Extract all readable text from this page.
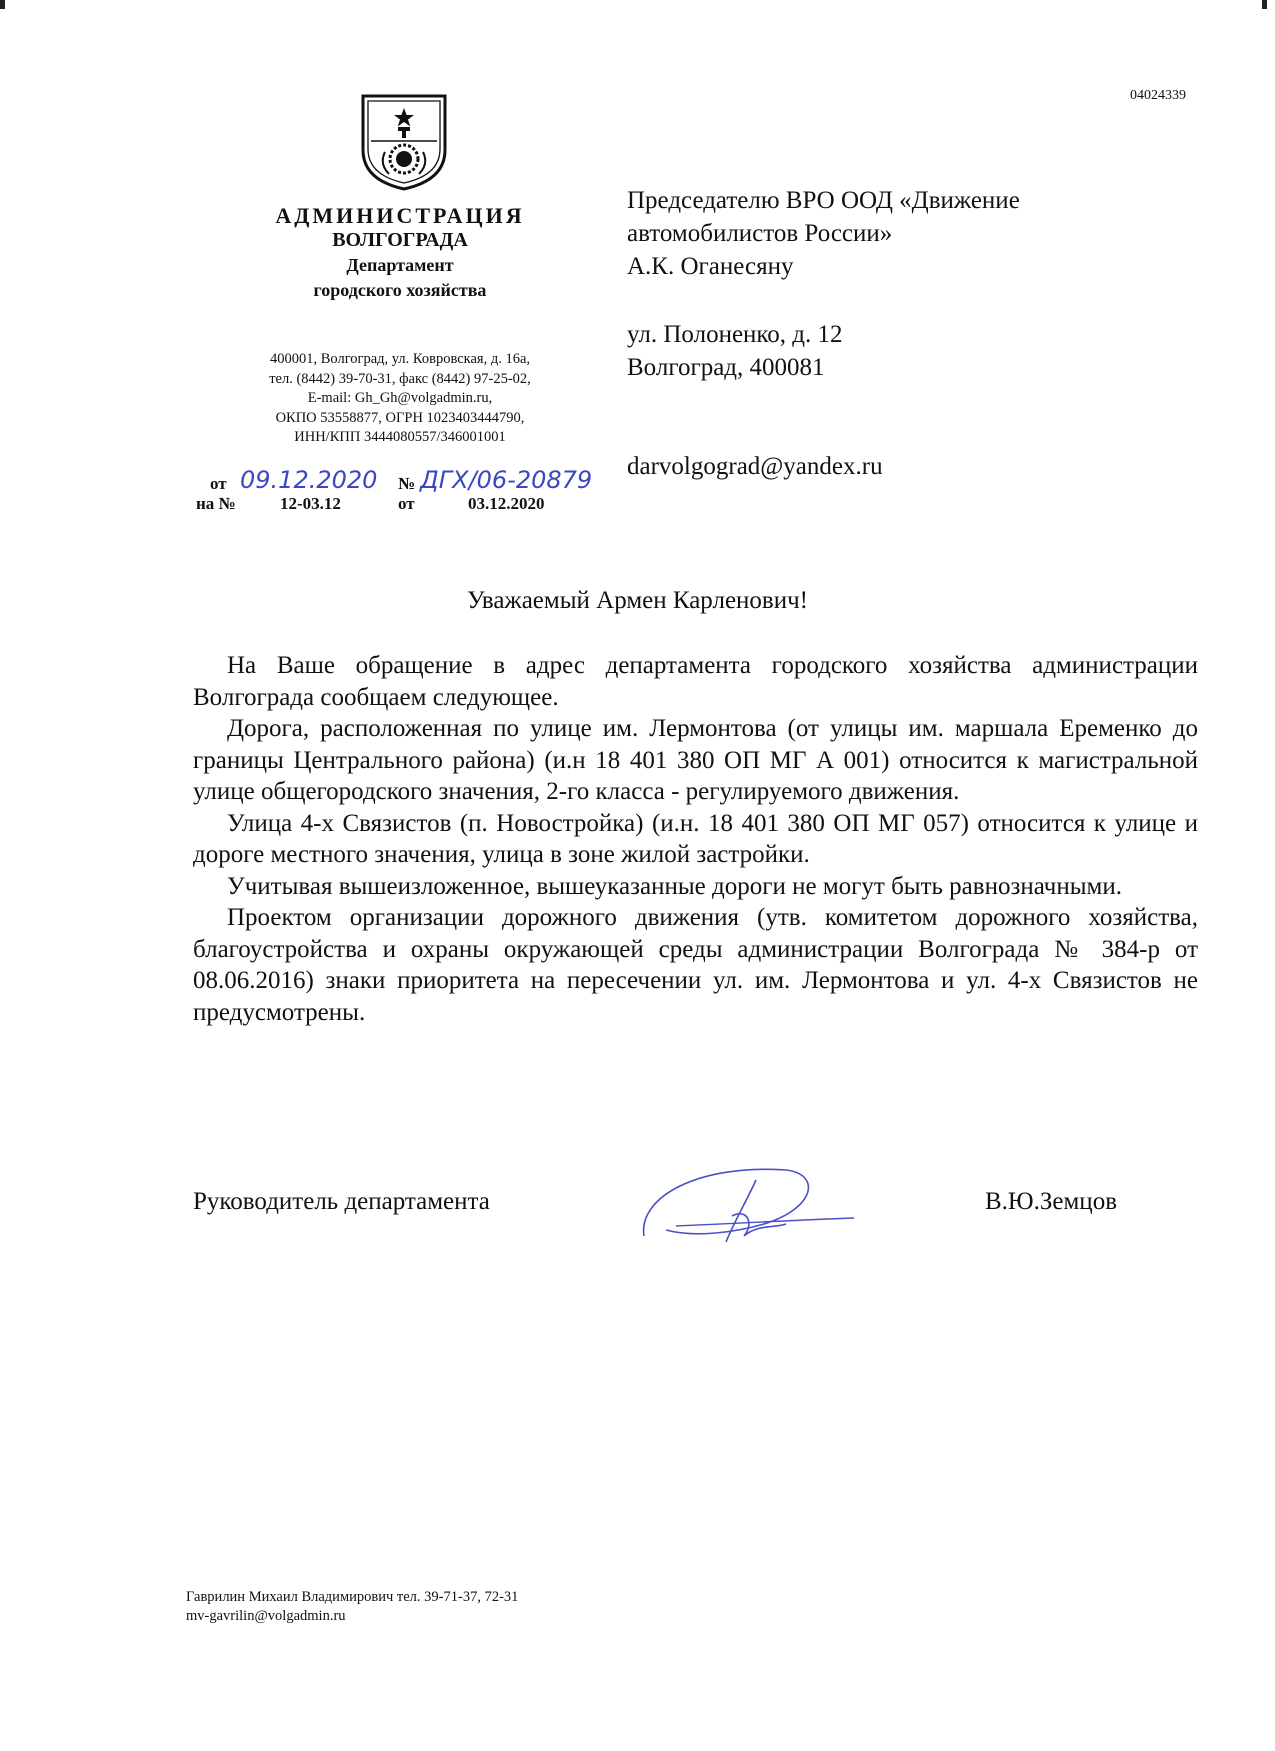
04024339
АДМИНИСТРАЦИЯ
ВОЛГОГРАДА
Департамент
городского хозяйства
400001, Волгоград, ул. Ковровская, д. 16а,
тел. (8442) 39-70-31, факс (8442) 97-25-02,
E-mail: Gh_Gh@volgadmin.ru,
ОКПО 53558877, ОГРН 1023403444790,
ИНН/КПП 3444080557/346001001
от 09.12.2020 № ДГХ/06-20879
на №	12-03.12	от	03.12.2020
Председателю ВРО ООД «Движение
автомобилистов России»
А.К. Оганесяну
ул. Полоненко, д. 12
Волгоград, 400081
darvolgograd@yandex.ru
Уважаемый Армен Карленович!

На Ваше обращение в адрес департамента городского хозяйства администрации Волгограда сообщаем следующее.

Дорога, расположенная по улице им. Лермонтова (от улицы им. маршала Еременко до границы Центрального района) (и.н 18 401 380 ОП МГ А 001) относится к магистральной улице общегородского значения, 2-го класса - регулируемого движения.

Улица 4-х Связистов (п. Новостройка) (и.н. 18 401 380 ОП МГ 057) относится к улице и дороге местного значения, улица в зоне жилой застройки.

Учитывая вышеизложенное, вышеуказанные дороги не могут быть равнозначными.

Проектом организации дорожного движения (утв. комитетом дорожного хозяйства, благоустройства и охраны окружающей среды администрации Волгограда № 384-р от 08.06.2016) знаки приоритета на пересечении ул. им. Лермонтова и ул. 4-х Связистов не предусмотрены.

Руководитель департамента	В.Ю.Земцов
Гаврилин Михаил Владимирович тел. 39-71-37, 72-31
mv-gavrilin@volgadmin.ru
